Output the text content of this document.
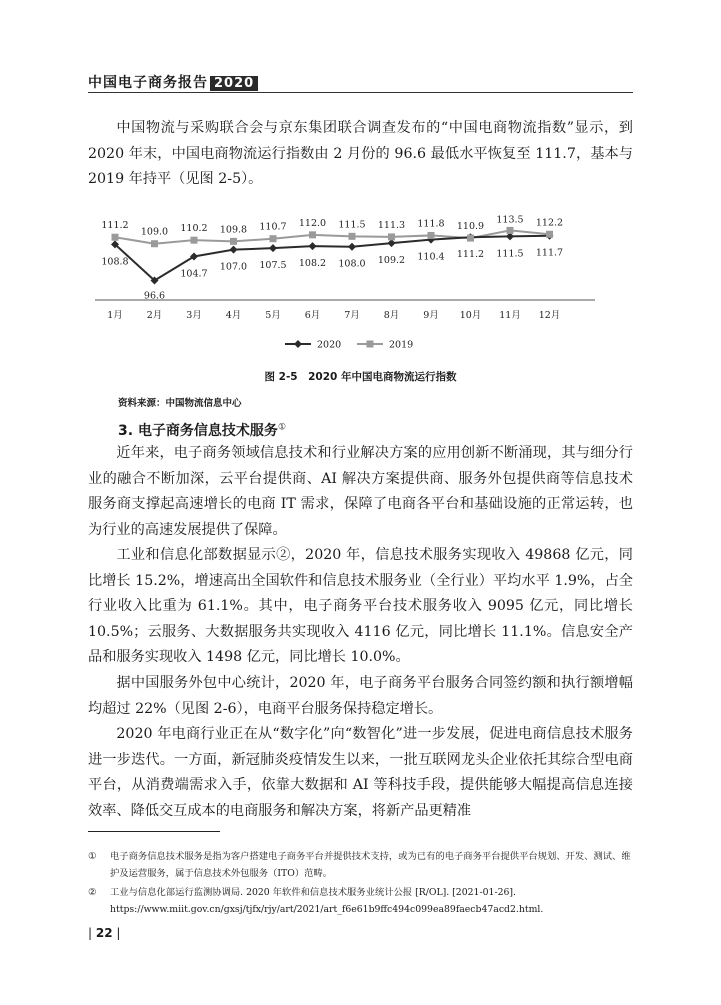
中国电子商务报告 2020

中国物流与采购联合会与京东集团联合调查发布的“中国电商物流指数”显示，到 2020 年末，中国电商物流运行指数由 2 月份的 96.6 最低水平恢复至 111.7，基本与 2019 年持平（见图 2-5）。

1月	2月	3月	4月	5月	6月	7月	8月	9月 10月 11月 12月
108.8
96.6
104.7
107.0 107.5 108.2 108.0 109.2 110.4 111.2 111.5 111.7
111.2
109.0 110.2 109.8 110.7 112.0 111.5 111.3 111.8 110.9
113.5 112.2
2020	2019
图 2-5　2020 年中国电商物流运行指数
资料来源：中国物流信息中心
3. 电子商务信息技术服务①

近年来，电子商务领域信息技术和行业解决方案的应用创新不断涌现，其与细分行业的融合不断加深，云平台提供商、AI 解决方案提供商、服务外包提供商等信息技术服务商支撑起高速增长的电商 IT 需求，保障了电商各平台和基础设施的正常运转，也为行业的高速发展提供了保障。

工业和信息化部数据显示②，2020 年，信息技术服务实现收入 49868 亿元，同比增长 15.2%，增速高出全国软件和信息技术服务业（全行业）平均水平 1.9%，占全行业收入比重为 61.1%。其中，电子商务平台技术服务收入 9095 亿元，同比增长 10.5%；云服务、大数据服务共实现收入 4116 亿元，同比增长 11.1%。信息安全产品和服务实现收入 1498 亿元，同比增长 10.0%。

据中国服务外包中心统计，2020 年，电子商务平台服务合同签约额和执行额增幅均超过 22%（见图 2-6），电商平台服务保持稳定增长。

2020 年电商行业正在从“数字化”向“数智化”进一步发展，促进电商信息技术服务进一步迭代。一方面，新冠肺炎疫情发生以来，一批互联网龙头企业依托其综合型电商平台，从消费端需求入手，依靠大数据和 AI 等科技手段，提供能够大幅提高信息连接效率、降低交互成本的电商服务和解决方案，将新产品更精准

①	电子商务信息技术服务是指为客户搭建电子商务平台并提供技术支持，或为已有的电子商务平台提供平台规划、开发、测试、维护及运营服务，属于信息技术外包服务（ITO）范畴。
②	工业与信息化部运行监测协调局. 2020 年软件和信息技术服务业统计公报 [R/OL]. [2021-01-26]. https://www.miit.gov.cn/gxsj/tjfx/rjy/art/2021/art_f6e61b9ffc494c099ea89faecb47acd2.html.
| 22 |
